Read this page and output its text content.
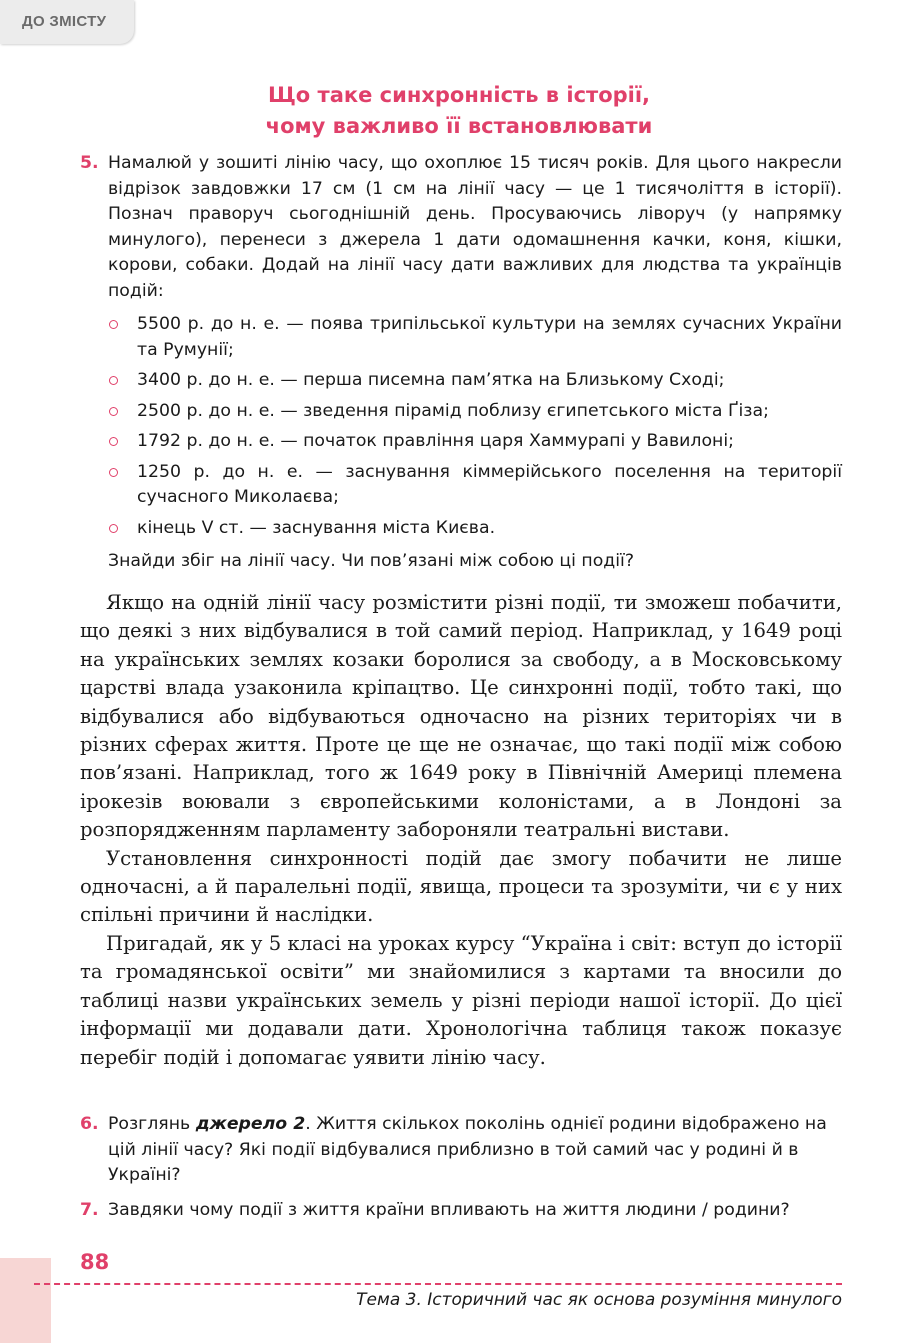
ДО ЗМІСТУ
Що таке синхронність в історії,
чому важливо її встановлювати
5. Намалюй у зошиті лінію часу, що охоплює 15 тисяч років. Для цього накресли відрізок завдовжки 17 см (1 см на лінії часу — це 1 тисячоліття в історії). Познач праворуч сьогоднішній день. Просуваючись ліворуч (у напрямку минулого), перенеси з джерела 1 дати одомашнення качки, коня, кішки, корови, собаки. Додай на лінії часу дати важливих для людства та українців подій:
5500 р. до н. е. — поява трипільської культури на землях сучасних України та Румунії;
3400 р. до н. е. — перша писемна пам’ятка на Близькому Сході;
2500 р. до н. е. — зведення пірамід поблизу єгипетського міста Ґіза;
1792 р. до н. е. — початок правління царя Хаммурапі у Вавилоні;
1250 р. до н. е. — заснування кіммерійського поселення на території сучасного Миколаєва;
кінець V ст. — заснування міста Києва.
Знайди збіг на лінії часу. Чи пов’язані між собою ці події?

Якщо на одній лінії часу розмістити різні події, ти зможеш побачити, що деякі з них відбувалися в той самий період. Наприклад, у 1649 році на українських землях козаки боролися за свободу, а в Московському царстві влада узаконила кріпацтво. Це синхронні події, тобто такі, що відбувалися або відбуваються одночасно на різних територіях чи в різних сферах життя. Проте це ще не означає, що такі події між собою пов’язані. Наприклад, того ж 1649 року в Північній Америці племена ірокезів воювали з європейськими колоністами, а в Лондоні за розпорядженням парламенту забороняли театральні вистави.

Установлення синхронності подій дає змогу побачити не лише одночасні, а й паралельні події, явища, процеси та зрозуміти, чи є у них спільні причини й наслідки.

Пригадай, як у 5 класі на уроках курсу “Україна і світ: вступ до історії та громадянської освіти” ми знайомилися з картами та вносили до таблиці назви українських земель у різні періоди нашої історії. До цієї інформації ми додавали дати. Хронологічна таблиця також показує перебіг подій і допомагає уявити лінію часу.

6. Розглянь джерело 2. Життя скількох поколінь однієї родини відображено на цій лінії часу? Які події відбувалися приблизно в той самий час у родині й в Україні?
7. Завдяки чому події з життя країни впливають на життя людини / родини?
88
Тема 3. Історичний час як основа розуміння минулого
